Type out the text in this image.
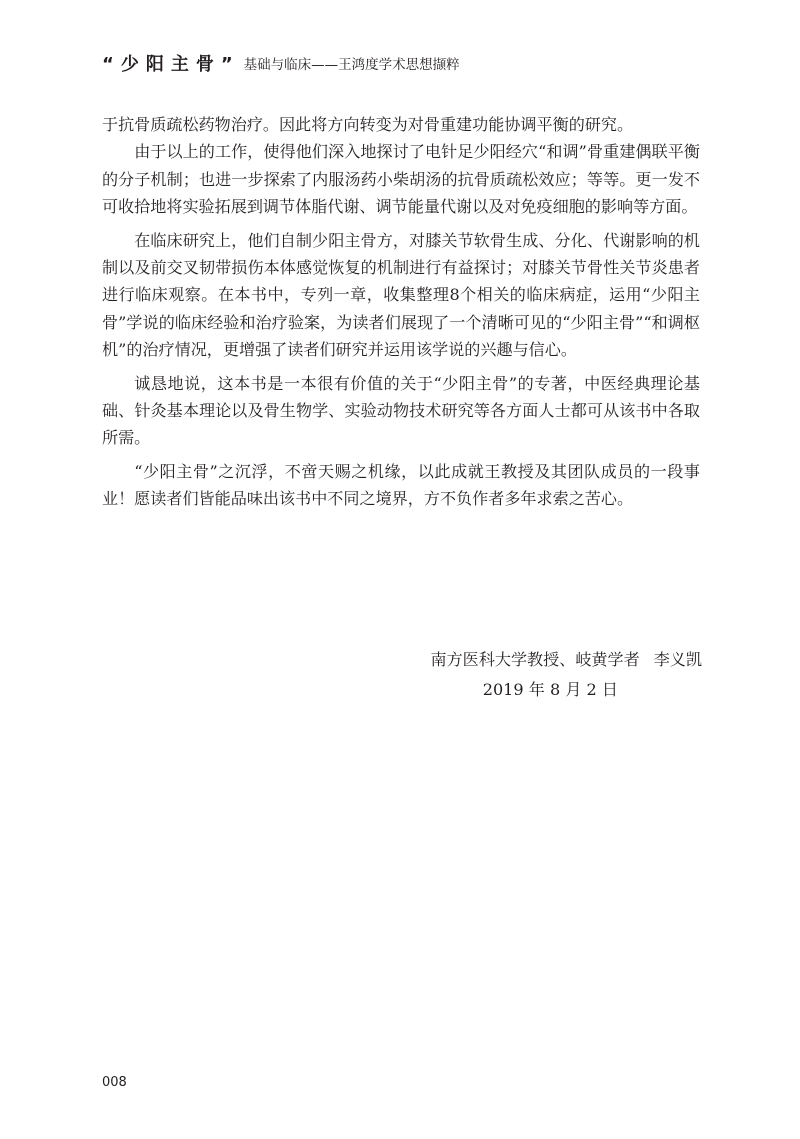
“少阳主骨” 基础与临床——王鸿度学术思想撷粹

于抗骨质疏松药物治疗。因此将方向转变为对骨重建功能协调平衡的研究。

由于以上的工作，使得他们深入地探讨了电针足少阳经穴“和调”骨重建偶联平衡的分子机制；也进一步探索了内服汤药小柴胡汤的抗骨质疏松效应；等等。更一发不可收拾地将实验拓展到调节体脂代谢、调节能量代谢以及对免疫细胞的影响等方面。

在临床研究上，他们自制少阳主骨方，对膝关节软骨生成、分化、代谢影响的机制以及前交叉韧带损伤本体感觉恢复的机制进行有益探讨；对膝关节骨性关节炎患者进行临床观察。在本书中，专列一章，收集整理8个相关的临床病症，运用“少阳主骨”学说的临床经验和治疗验案，为读者们展现了一个清晰可见的“少阳主骨”“和调枢机”的治疗情况，更增强了读者们研究并运用该学说的兴趣与信心。

诚恳地说，这本书是一本很有价值的关于“少阳主骨”的专著，中医经典理论基础、针灸基本理论以及骨生物学、实验动物技术研究等各方面人士都可从该书中各取所需。

“少阳主骨”之沉浮，不啻天赐之机缘，以此成就王教授及其团队成员的一段事业！愿读者们皆能品味出该书中不同之境界，方不负作者多年求索之苦心。

南方医科大学教授、岐黄学者 李义凯
2019 年 8 月 2 日
008
